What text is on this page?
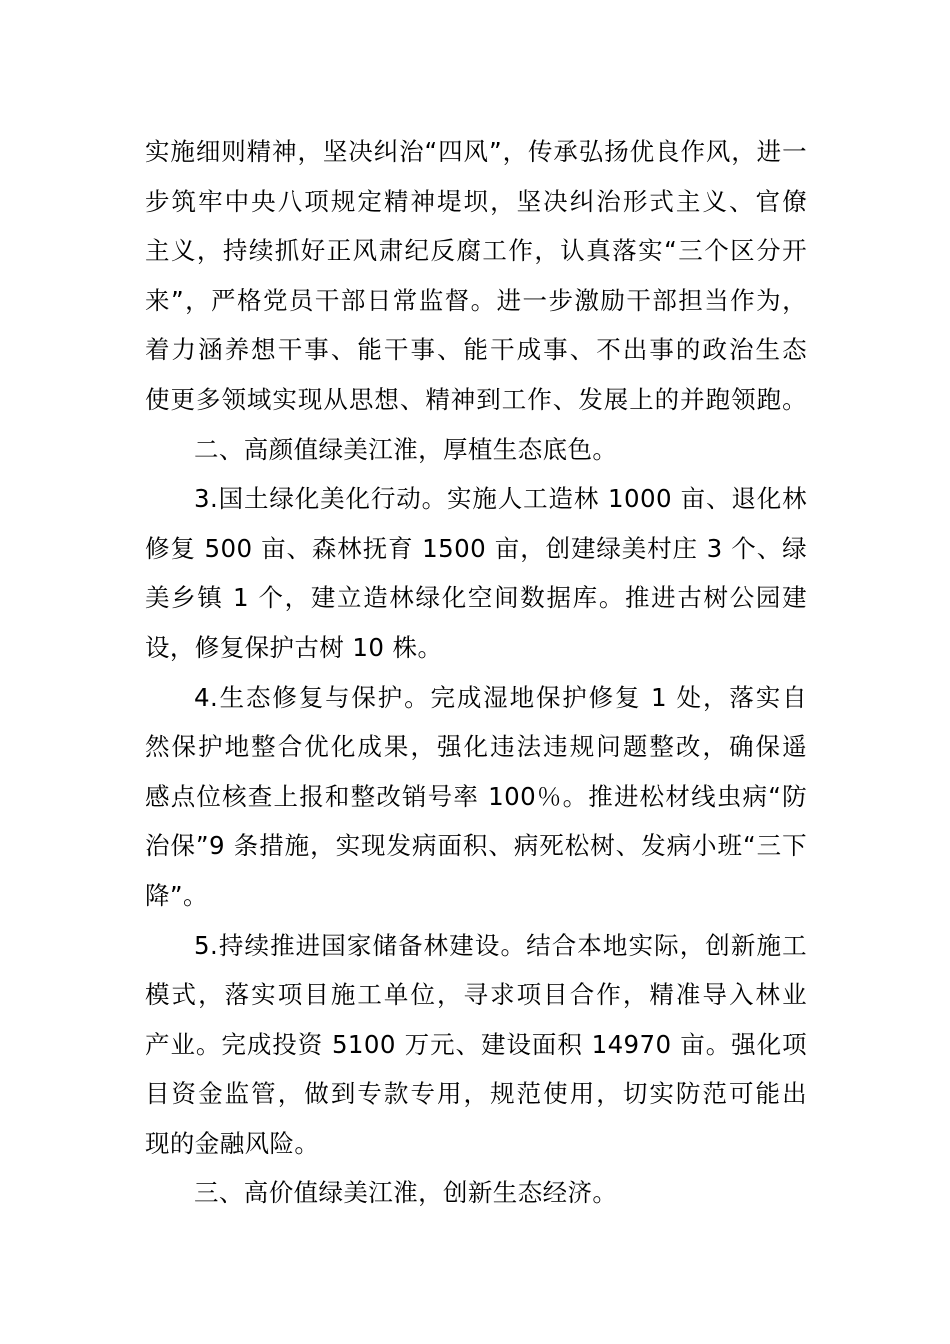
实施细则精神，坚决纠治“四风”，传承弘扬优良作风，进一
步筑牢中央八项规定精神堤坝，坚决纠治形式主义、官僚
主义，持续抓好正风肃纪反腐工作，认真落实“三个区分开
来”，严格党员干部日常监督。进一步激励干部担当作为，
着力涵养想干事、能干事、能干成事、不出事的政治生态
使更多领域实现从思想、精神到工作、发展上的并跑领跑。
二、高颜值绿美江淮，厚植生态底色。
3.国土绿化美化行动。实施人工造林 1000 亩、退化林
修复 500 亩、森林抚育 1500 亩，创建绿美村庄 3 个、绿
美乡镇 1 个，建立造林绿化空间数据库。推进古树公园建
设，修复保护古树 10 株。
4.生态修复与保护。完成湿地保护修复 1 处，落实自
然保护地整合优化成果，强化违法违规问题整改，确保遥
感点位核查上报和整改销号率 100％。推进松材线虫病“防
治保”9 条措施，实现发病面积、病死松树、发病小班“三下
降”。
5.持续推进国家储备林建设。结合本地实际，创新施工
模式，落实项目施工单位，寻求项目合作，精准导入林业
产业。完成投资 5100 万元、建设面积 14970 亩。强化项
目资金监管，做到专款专用，规范使用，切实防范可能出
现的金融风险。
三、高价值绿美江淮，创新生态经济。
